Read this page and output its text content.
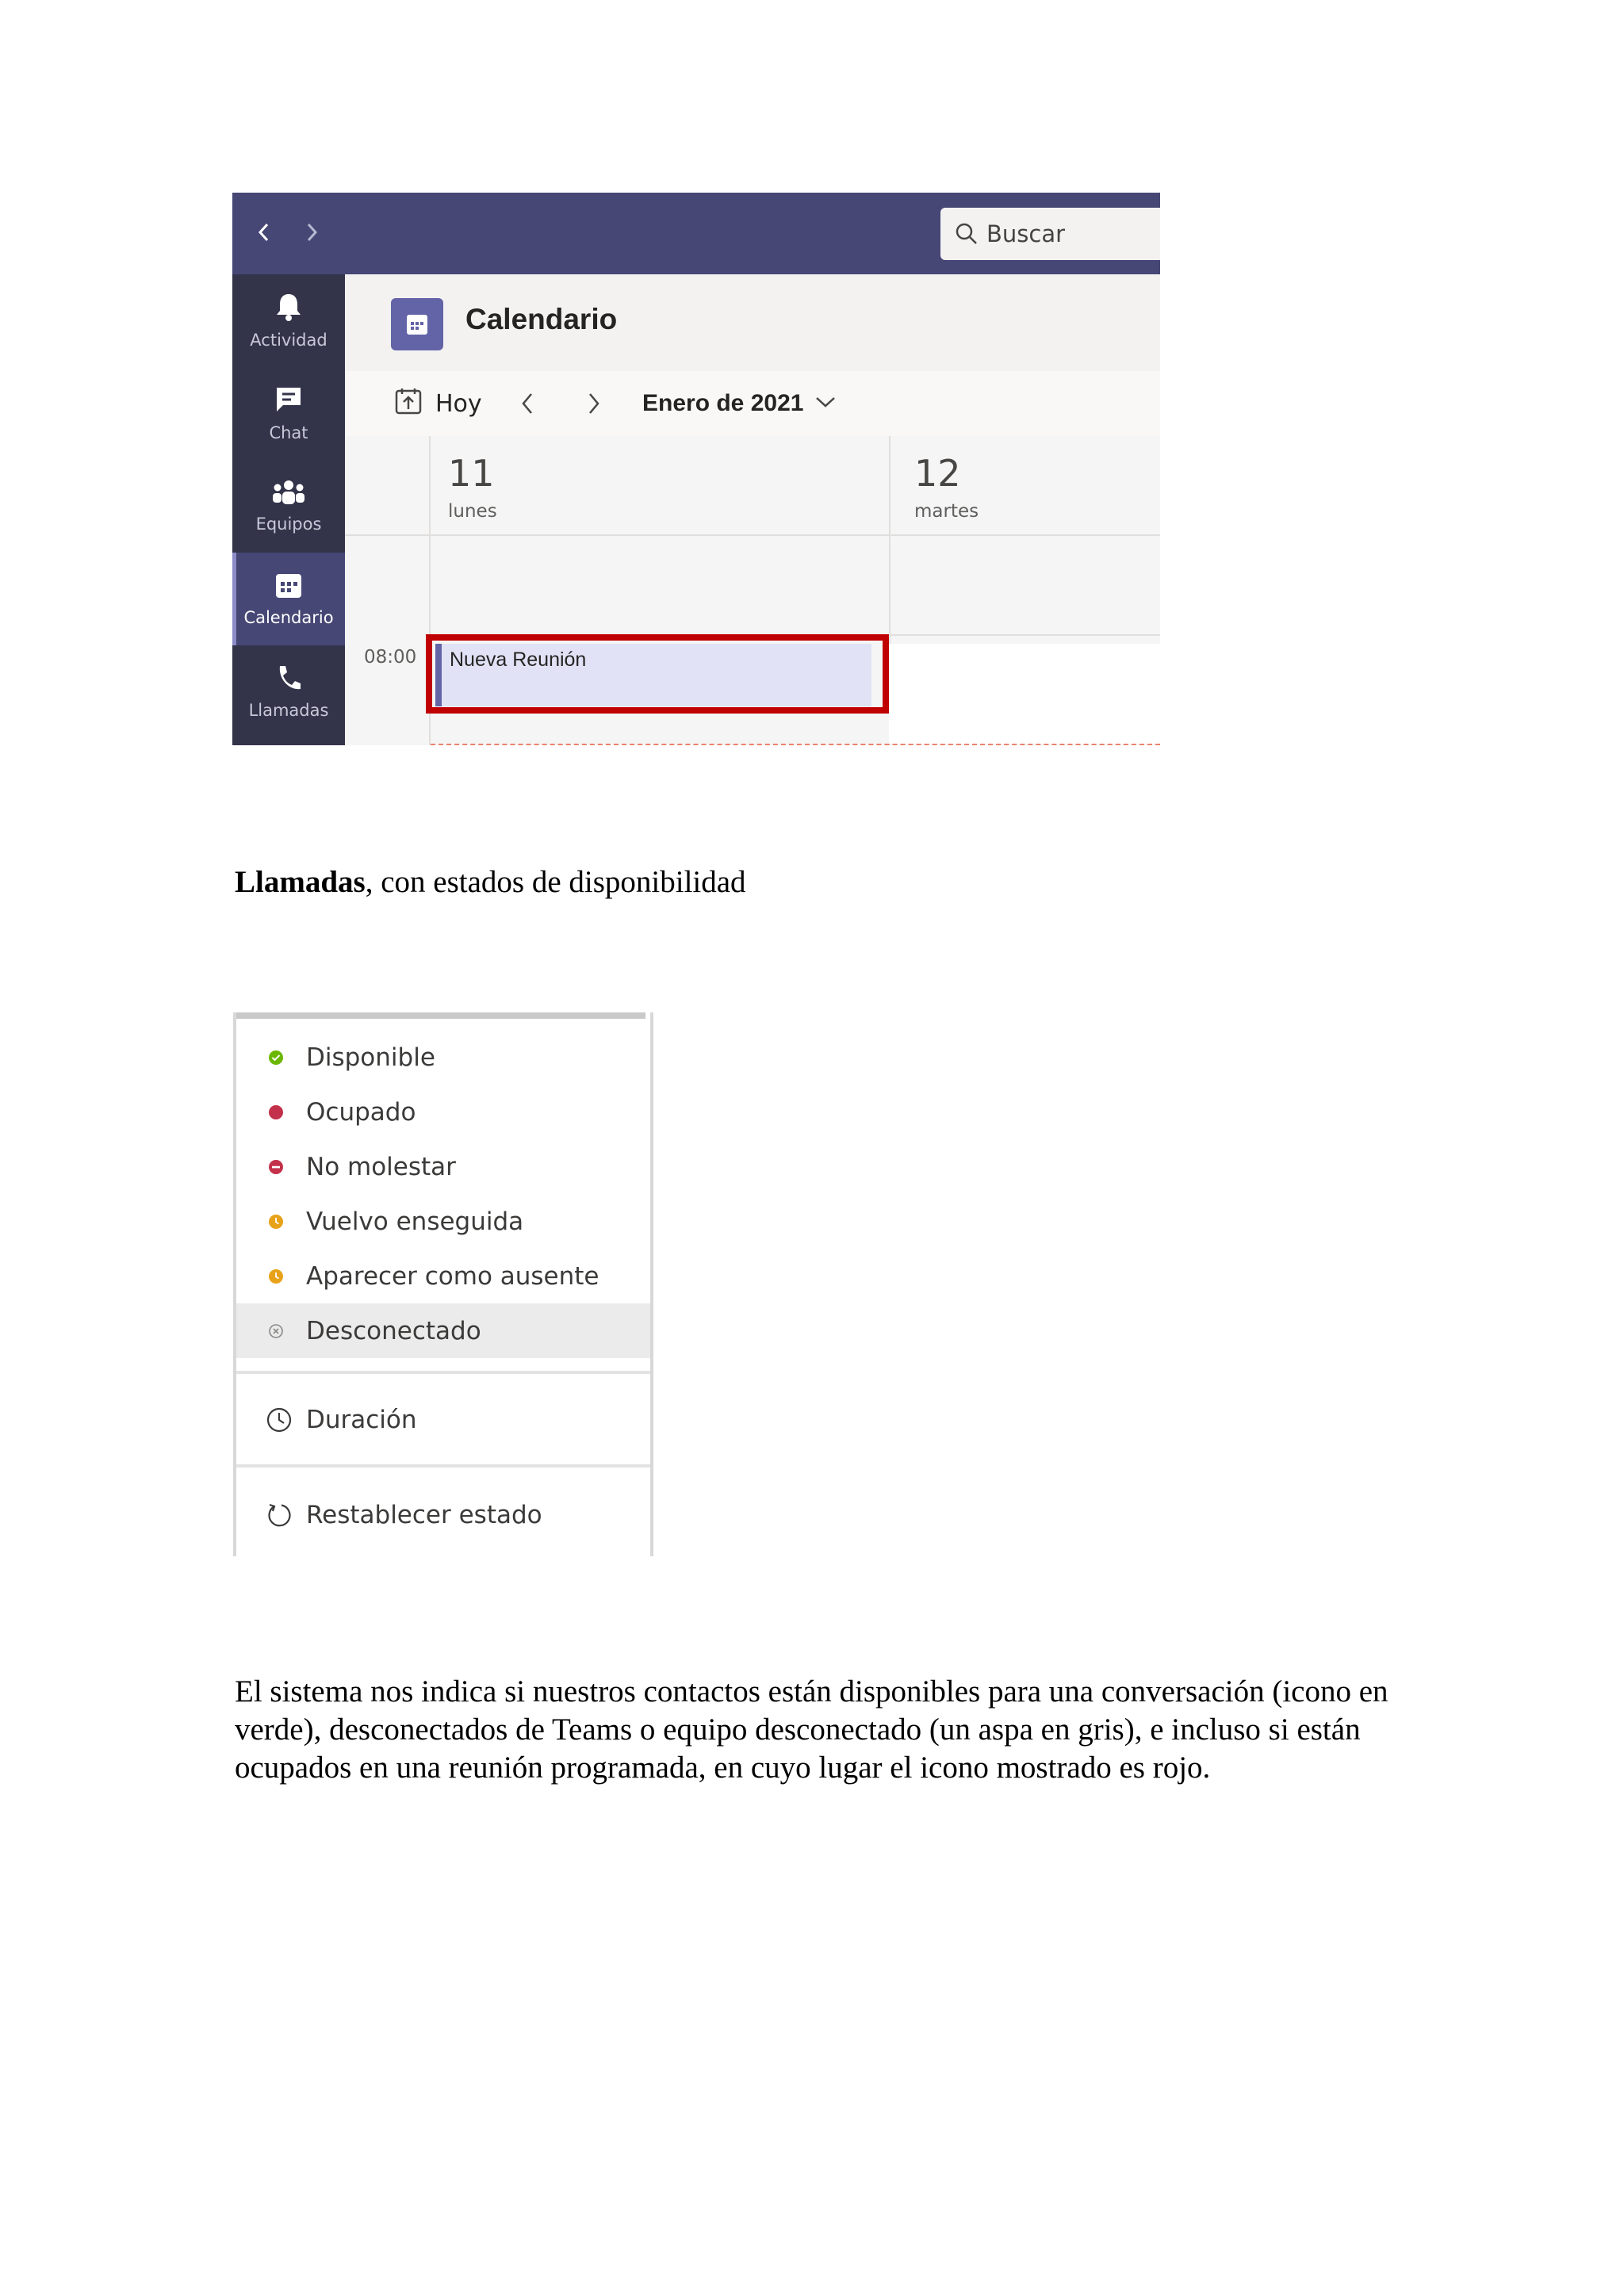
Buscar
Actividad
Chat
Equipos
Calendario
Llamadas
Calendario
Hoy	Enero de 2021
11
lunes
12
martes
08:00 Nueva Reunión
Llamadas, con estados de disponibilidad
Disponible
Ocupado
No molestar
Vuelvo enseguida
Aparecer como ausente
Desconectado
Duración
Restablecer estado
El sistema nos indica si nuestros contactos están disponibles para una conversación (icono en verde), desconectados de Teams o equipo desconectado (un aspa en gris), e incluso si están ocupados en una reunión programada, en cuyo lugar el icono mostrado es rojo.
